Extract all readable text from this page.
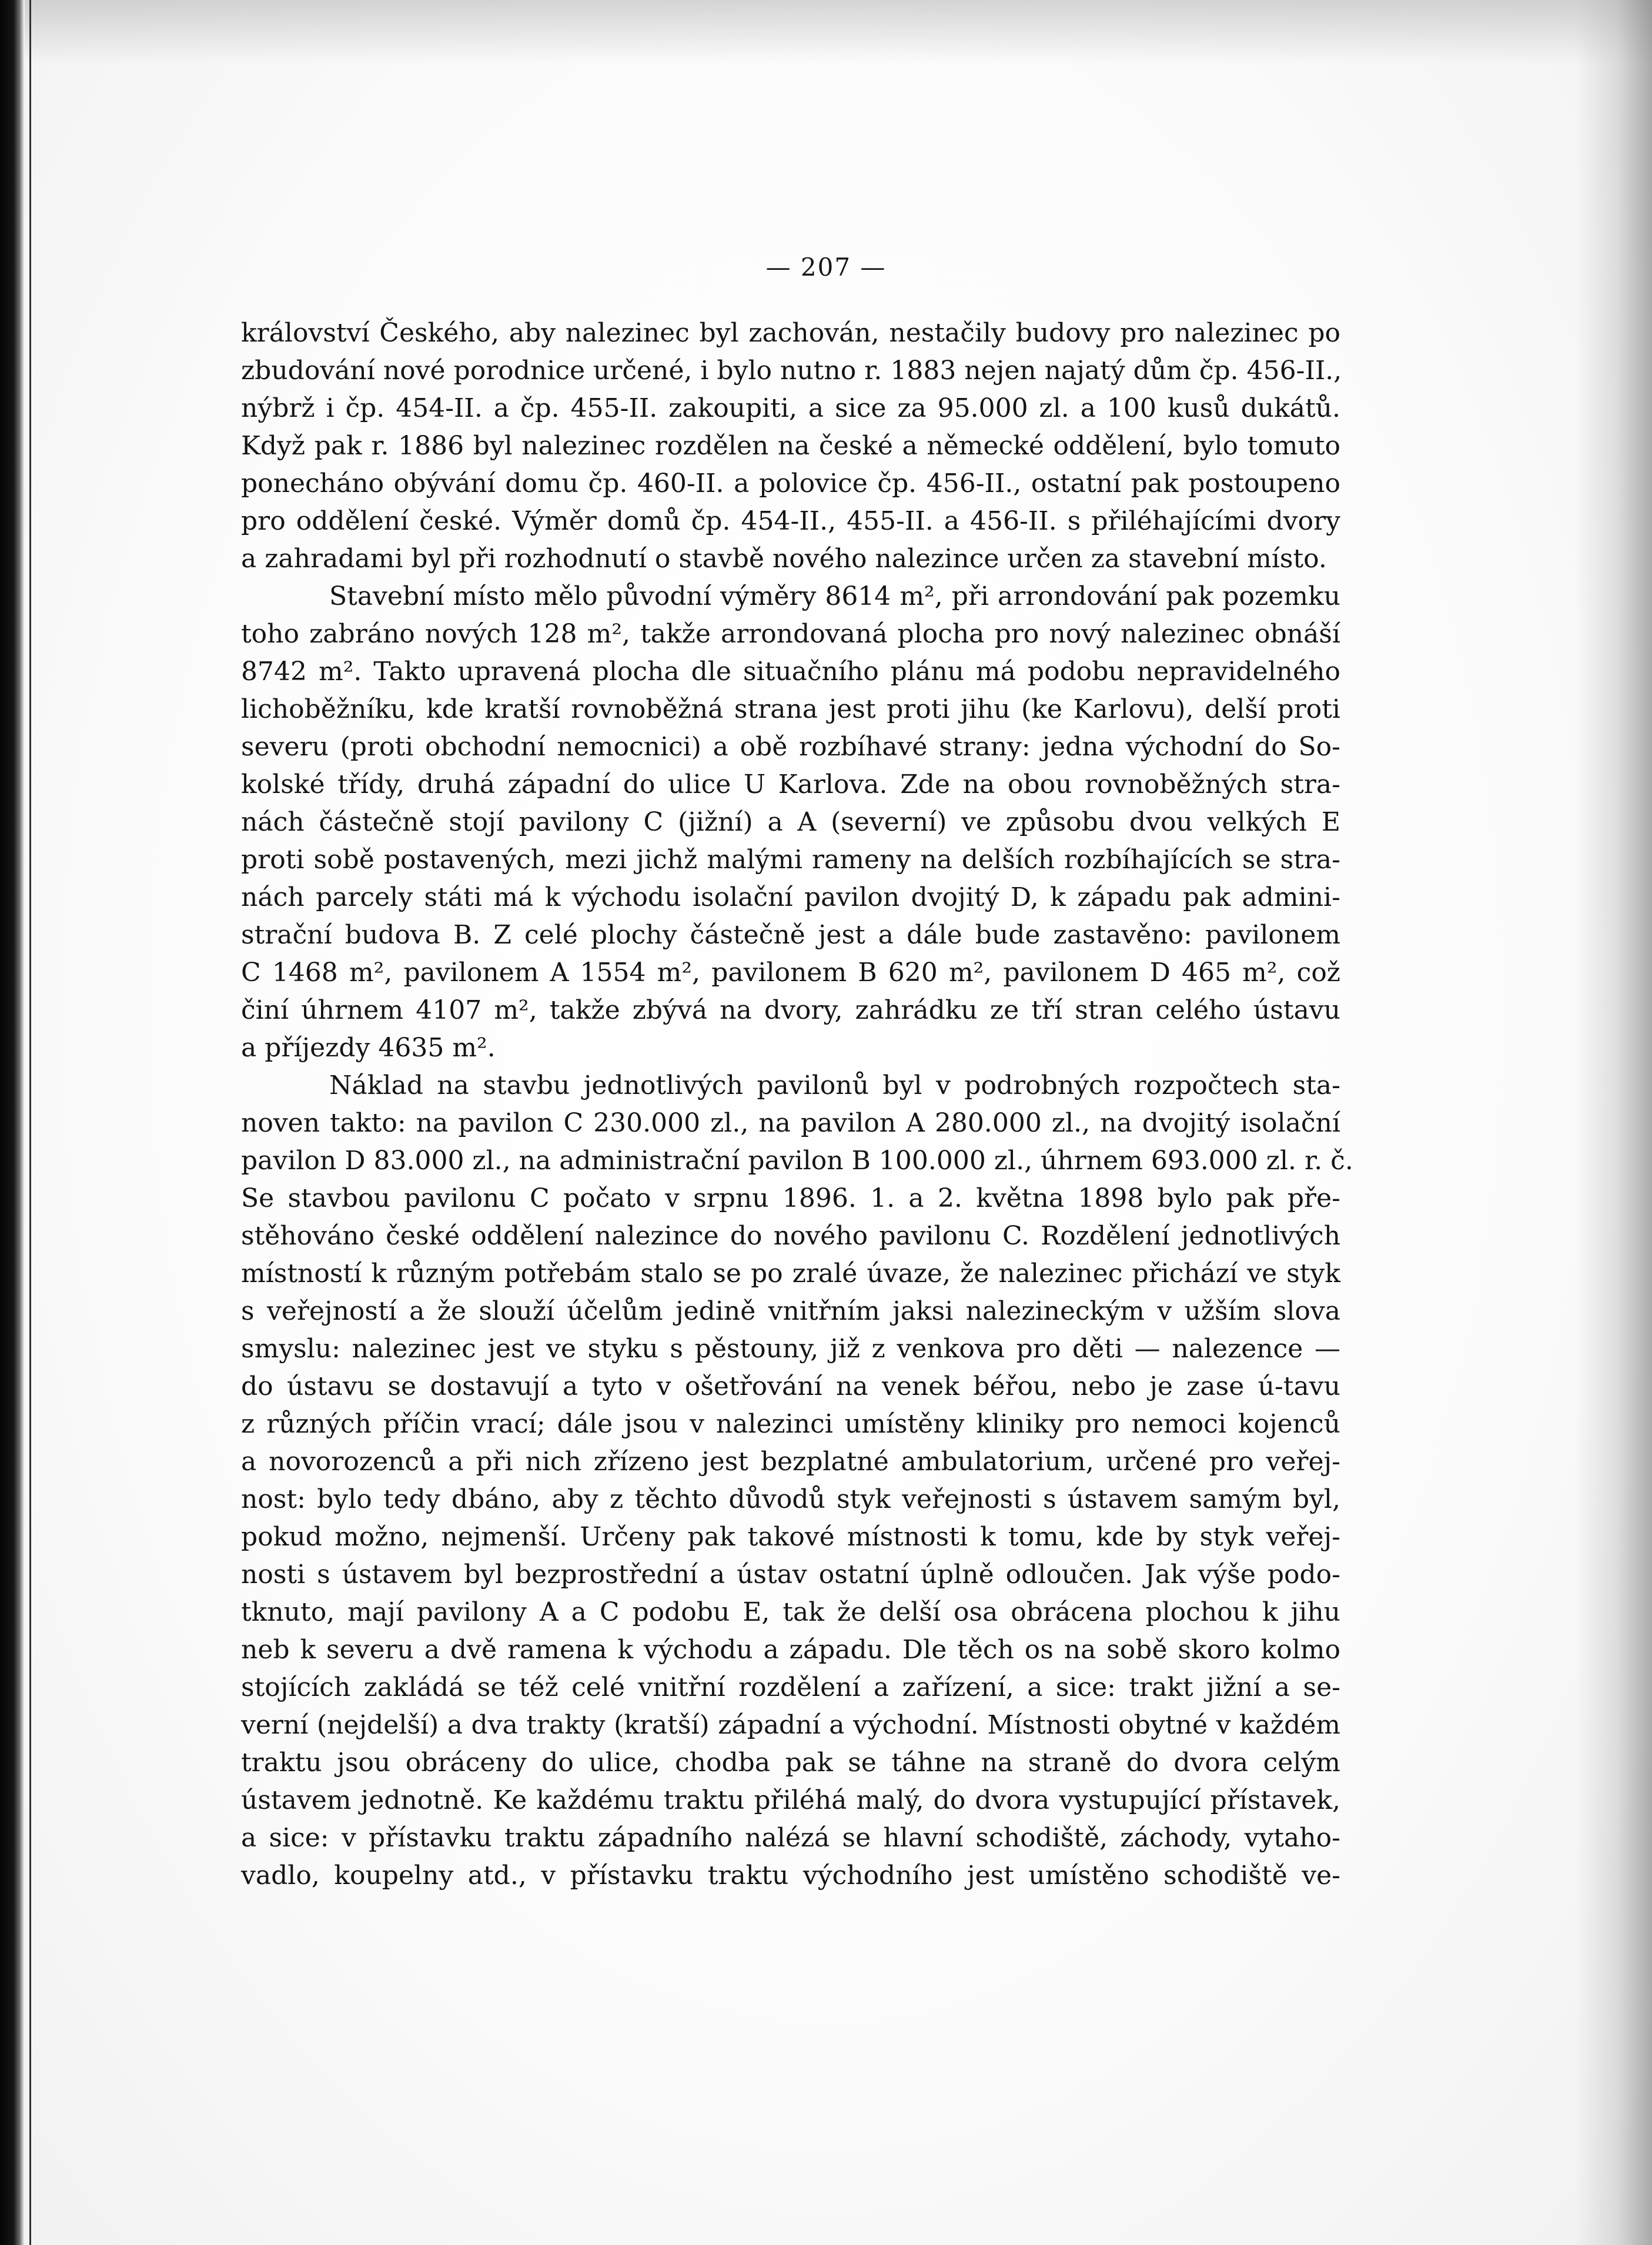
— 207 —
království Českého, aby nalezinec byl zachován, nestačily budovy pro nalezinec po
zbudování nové porodnice určené, i bylo nutno r. 1883 nejen najatý dům čp. 456-II.,
nýbrž i čp. 454-II. a čp. 455-II. zakoupiti, a sice za 95.000 zl. a 100 kusů dukátů.
Když pak r. 1886 byl nalezinec rozdělen na české a německé oddělení, bylo tomuto
ponecháno obývání domu čp. 460-II. a polovice čp. 456-II., ostatní pak postoupeno
pro oddělení české. Výměr domů čp. 454-II., 455-II. a 456-II. s přiléhajícími dvory
a zahradami byl při rozhodnutí o stavbě nového nalezince určen za stavební místo.
Stavební místo mělo původní výměry 8614 m², při arrondování pak pozemku
toho zabráno nových 128 m², takže arrondovaná plocha pro nový nalezinec obnáší
8742 m². Takto upravená plocha dle situačního plánu má podobu nepravidelného
lichoběžníku, kde kratší rovnoběžná strana jest proti jihu (ke Karlovu), delší proti
severu (proti obchodní nemocnici) a obě rozbíhavé strany: jedna východní do So-
kolské třídy, druhá západní do ulice U Karlova. Zde na obou rovnoběžných stra-
nách částečně stojí pavilony C (jižní) a A (severní) ve způsobu dvou velkých E
proti sobě postavených, mezi jichž malými rameny na delších rozbíhajících se stra-
nách parcely státi má k východu isolační pavilon dvojitý D, k západu pak admini-
strační budova B. Z celé plochy částečně jest a dále bude zastavěno: pavilonem
C 1468 m², pavilonem A 1554 m², pavilonem B 620 m², pavilonem D 465 m², což
činí úhrnem 4107 m², takže zbývá na dvory, zahrádku ze tří stran celého ústavu
a příjezdy 4635 m².
Náklad na stavbu jednotlivých pavilonů byl v podrobných rozpočtech sta-
noven takto: na pavilon C 230.000 zl., na pavilon A 280.000 zl., na dvojitý isolační
pavilon D 83.000 zl., na administrační pavilon B 100.000 zl., úhrnem 693.000 zl. r. č.
Se stavbou pavilonu C počato v srpnu 1896. 1. a 2. května 1898 bylo pak pře-
stěhováno české oddělení nalezince do nového pavilonu C. Rozdělení jednotlivých
místností k různým potřebám stalo se po zralé úvaze, že nalezinec přichází ve styk
s veřejností a že slouží účelům jedině vnitřním jaksi nalezineckým v užším slova
smyslu: nalezinec jest ve styku s pěstouny, již z venkova pro děti — nalezence —
do ústavu se dostavují a tyto v ošetřování na venek béřou, nebo je zase ú-tavu
z různých příčin vrací; dále jsou v nalezinci umístěny kliniky pro nemoci kojenců
a novorozenců a při nich zřízeno jest bezplatné ambulatorium, určené pro veřej-
nost: bylo tedy dbáno, aby z těchto důvodů styk veřejnosti s ústavem samým byl,
pokud možno, nejmenší. Určeny pak takové místnosti k tomu, kde by styk veřej-
nosti s ústavem byl bezprostřední a ústav ostatní úplně odloučen. Jak výše podo-
tknuto, mají pavilony A a C podobu E, tak že delší osa obrácena plochou k jihu
neb k severu a dvě ramena k východu a západu. Dle těch os na sobě skoro kolmo
stojících zakládá se též celé vnitřní rozdělení a zařízení, a sice: trakt jižní a se-
verní (nejdelší) a dva trakty (kratší) západní a východní. Místnosti obytné v každém
traktu jsou obráceny do ulice, chodba pak se táhne na straně do dvora celým
ústavem jednotně. Ke každému traktu přiléhá malý, do dvora vystupující přístavek,
a sice: v přístavku traktu západního nalézá se hlavní schodiště, záchody, vytaho-
vadlo, koupelny atd., v přístavku traktu východního jest umístěno schodiště ve-
